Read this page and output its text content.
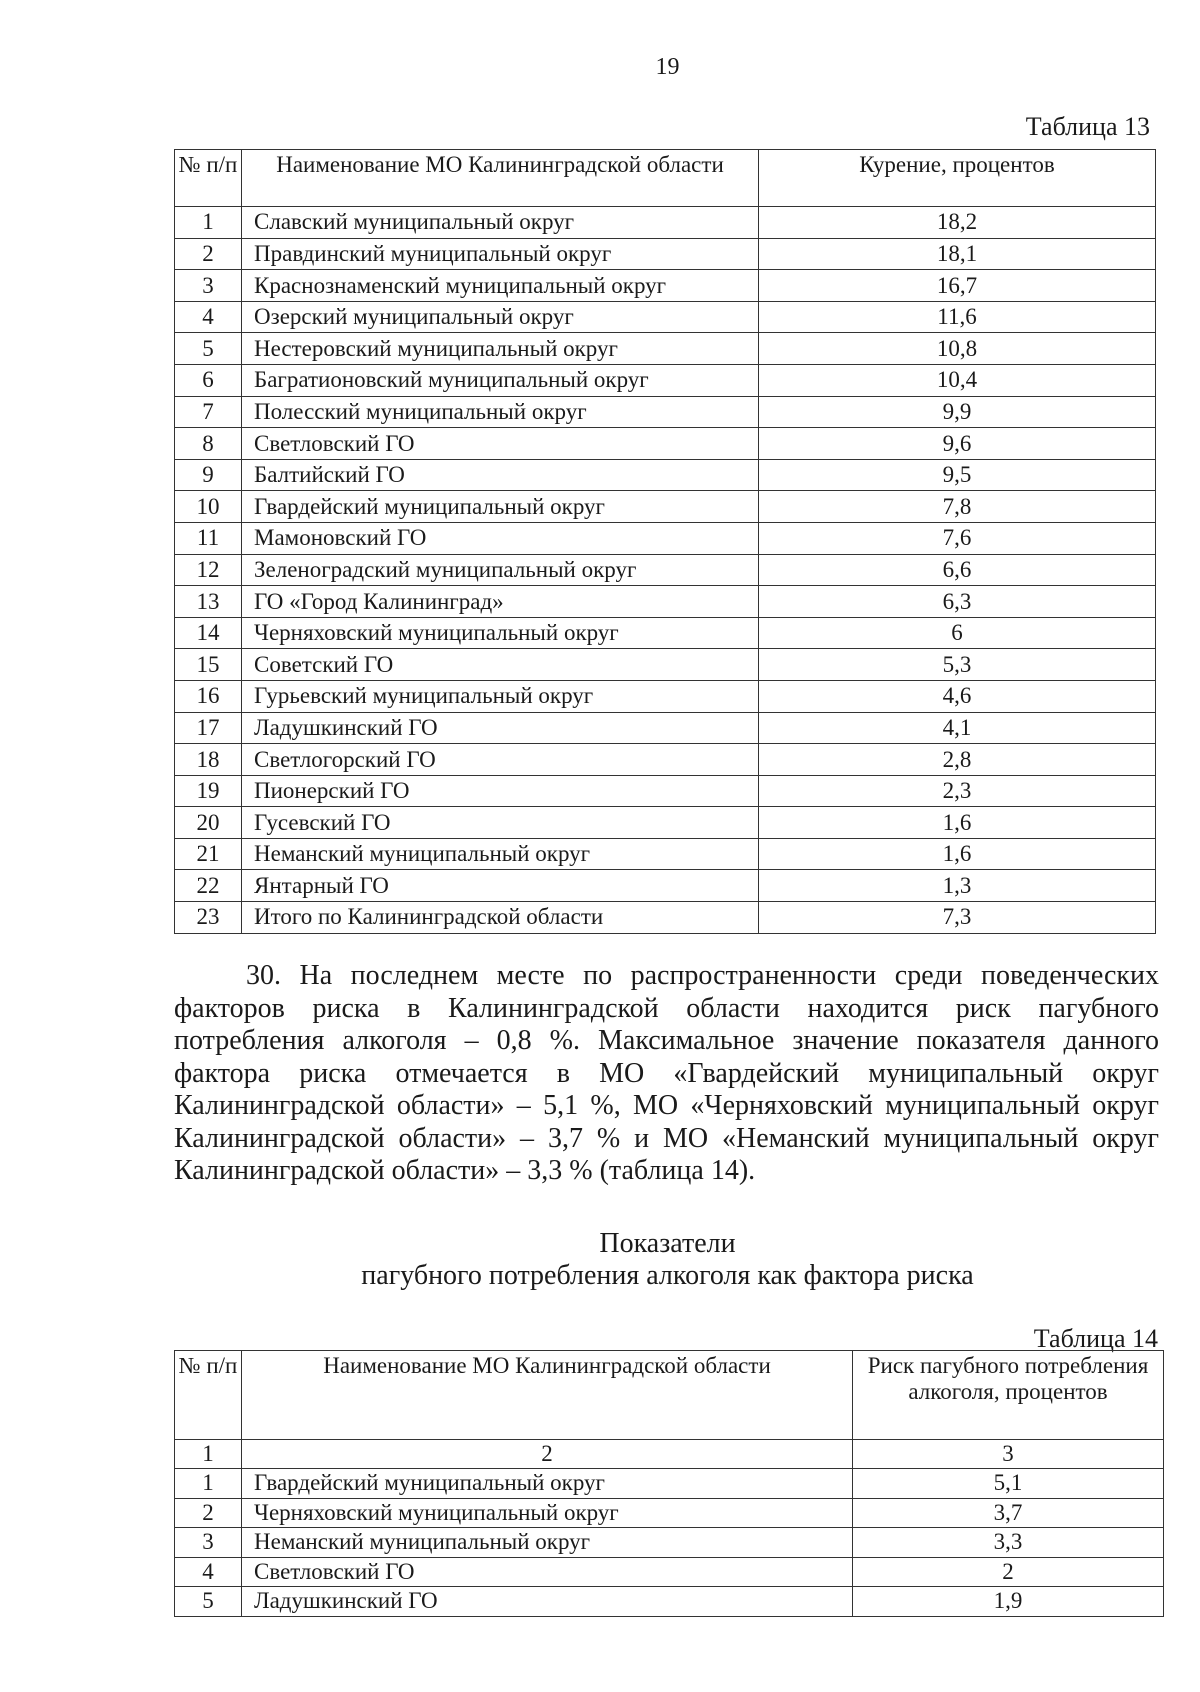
19
Таблица 13
№ п/п	Наименование МО Калининградской области	Курение, процентов
1	Славский муниципальный округ	18,2
2	Правдинский муниципальный округ	18,1
3	Краснознаменский муниципальный округ	16,7
4	Озерский муниципальный округ	11,6
5	Нестеровский муниципальный округ	10,8
6	Багратионовский муниципальный округ	10,4
7	Полесский муниципальный округ	9,9
8	Светловский ГО	9,6
9	Балтийский ГО	9,5
10	Гвардейский муниципальный округ	7,8
11	Мамоновский ГО	7,6
12	Зеленоградский муниципальный округ	6,6
13	ГО «Город Калининград»	6,3
14	Черняховский муниципальный округ	6
15	Советский ГО	5,3
16	Гурьевский муниципальный округ	4,6
17	Ладушкинский ГО	4,1
18	Светлогорский ГО	2,8
19	Пионерский ГО	2,3
20	Гусевский ГО	1,6
21	Неманский муниципальный округ	1,6
22	Янтарный ГО	1,3
23	Итого по Калининградской области	7,3
30. На последнем месте по распространенности среди поведенческих факторов риска в Калининградской области находится риск пагубного потребления алкоголя – 0,8 %. Максимальное значение показателя данного фактора риска отмечается в МО «Гвардейский муниципальный округ Калининградской области» – 5,1 %, МО «Черняховский муниципальный округ Калининградской области» – 3,7 % и МО «Неманский муниципальный округ Калининградской области» – 3,3 % (таблица 14).
Показатели
пагубного потребления алкоголя как фактора риска
Таблица 14
№ п/п	Наименование МО Калининградской области	Риск пагубного потребления алкоголя, процентов
1	2	3
1	Гвардейский муниципальный округ	5,1
2	Черняховский муниципальный округ	3,7
3	Неманский муниципальный округ	3,3
4	Светловский ГО	2
5	Ладушкинский ГО	1,9
